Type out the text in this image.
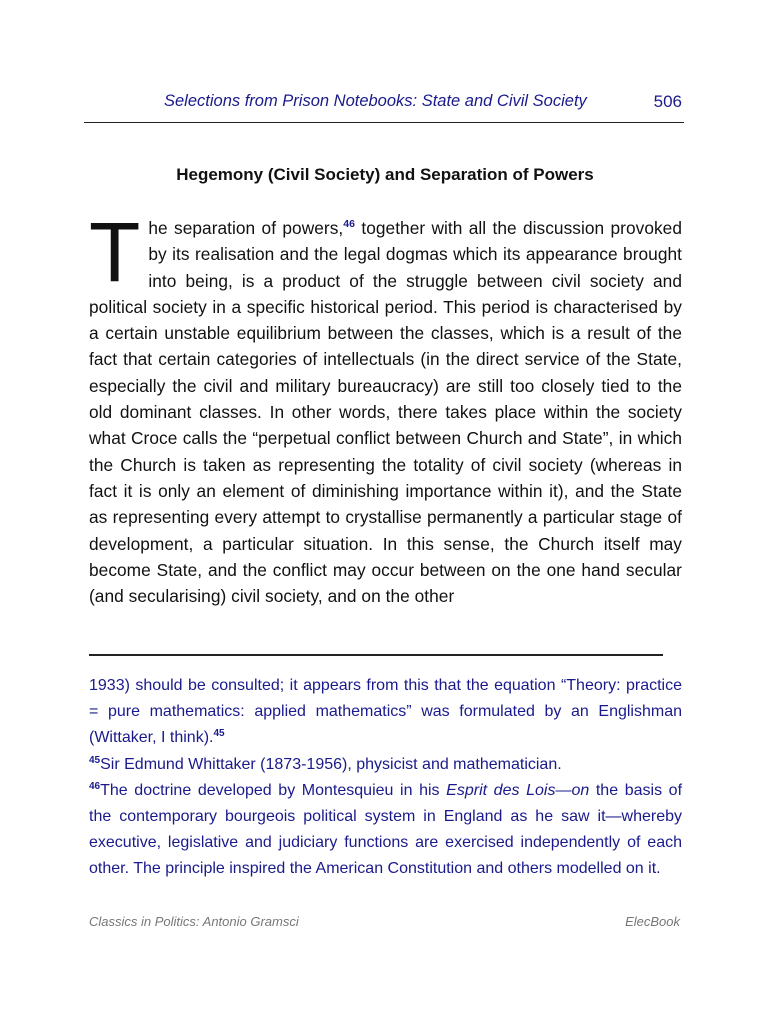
Selections from Prison Notebooks: State and Civil Society	506
Hegemony (Civil Society) and Separation of Powers

The separation of powers,$^{46}$ together with all the discussion provoked by its realisation and the legal dogmas which its appearance brought into being, is a product of the struggle between civil society and political society in a specific historical period. This period is characterised by a certain unstable equilibrium between the classes, which is a result of the fact that certain categories of intellectuals (in the direct service of the State, especially the civil and military bureaucracy) are still too closely tied to the old dominant classes. In other words, there takes place within the society what Croce calls the “perpetual conflict between Church and State”, in which the Church is taken as representing the totality of civil society (whereas in fact it is only an element of diminishing importance within it), and the State as representing every attempt to crystallise permanently a particular stage of development, a particular situation. In this sense, the Church itself may become State, and the conflict may occur between on the one hand secular (and secularising) civil society, and on the other

1933) should be consulted; it appears from this that the equation “Theory: practice = pure mathematics: applied mathematics” was formulated by an Englishman (Wittaker, I think).$^{45}$

$^{45}$Sir Edmund Whittaker (1873-1956), physicist and mathematician.

$^{46}$The doctrine developed by Montesquieu in his Esprit des Lois—on the basis of the contemporary bourgeois political system in England as he saw it—whereby executive, legislative and judiciary functions are exercised independently of each other. The principle inspired the American Constitution and others modelled on it.

Classics in Politics: Antonio Gramsci	ElecBook
